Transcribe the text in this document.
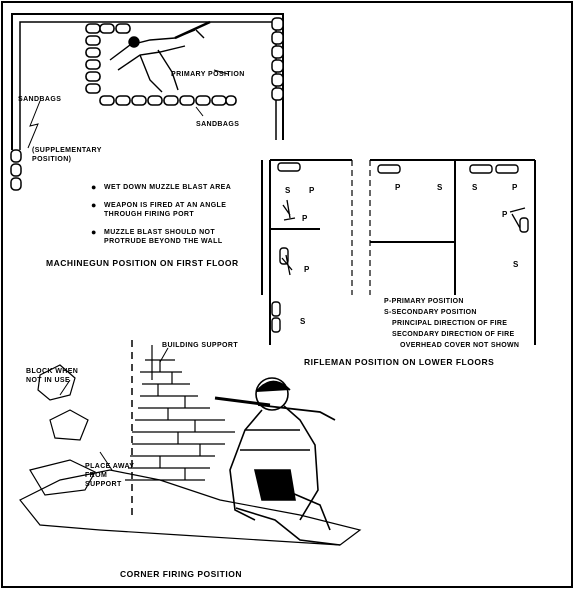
PRIMARY POSITION
SANDBAGS
SANDBAGS
(SUPPLEMENTARY POSITION)
● WET DOWN MUZZLE BLAST AREA
● WEAPON IS FIRED AT AN ANGLE THROUGH FIRING PORT
● MUZZLE BLAST SHOULD NOT PROTRUDE BEYOND THE WALL
MACHINEGUN POSITION ON FIRST FLOOR
S P
P
P
S
P	S	S	P
P
S
P-PRIMARY POSITION
S-SECONDARY POSITION
PRINCIPAL DIRECTION OF FIRE
SECONDARY DIRECTION OF FIRE
OVERHEAD COVER NOT SHOWN
RIFLEMAN POSITION ON LOWER FLOORS
BUILDING SUPPORT
BLOCK WHEN NOT IN USE
PLACE AWAY FROM SUPPORT
CORNER FIRING POSITION
